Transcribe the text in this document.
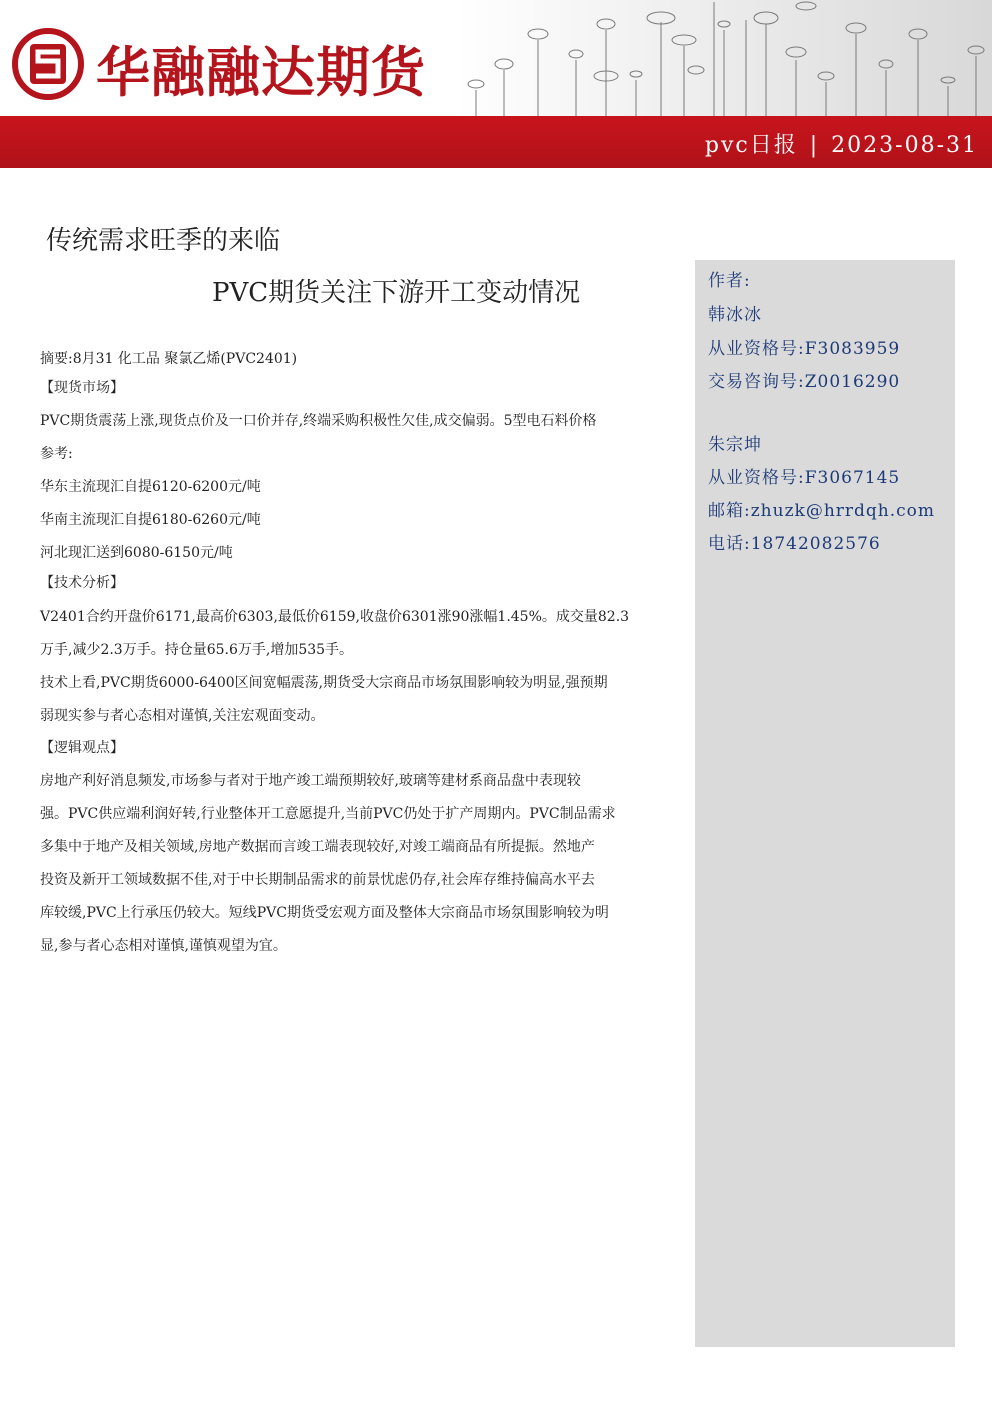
华融融达期货
pvc日报 | 2023-08-31
传统需求旺季的来临
PVC期货关注下游开工变动情况	作者:
韩冰冰
从业资格号:F3083959
交易咨询号:Z0016290
朱宗坤
从业资格号:F3067145
邮箱:zhuzk@hrrdqh.com
电话:18742082576
摘要:8月31 化工品 聚氯乙烯(PVC2401)
【现货市场】
PVC期货震荡上涨,现货点价及一口价并存,终端采购积极性欠佳,成交偏弱。5型电石料价格
参考:
华东主流现汇自提6120-6200元/吨
华南主流现汇自提6180-6260元/吨
河北现汇送到6080-6150元/吨
【技术分析】
V2401合约开盘价6171,最高价6303,最低价6159,收盘价6301涨90涨幅1.45%。成交量82.3
万手,减少2.3万手。持仓量65.6万手,增加535手。
技术上看,PVC期货6000-6400区间宽幅震荡,期货受大宗商品市场氛围影响较为明显,强预期
弱现实参与者心态相对谨慎,关注宏观面变动。
【逻辑观点】
房地产利好消息频发,市场参与者对于地产竣工端预期较好,玻璃等建材系商品盘中表现较
强。PVC供应端利润好转,行业整体开工意愿提升,当前PVC仍处于扩产周期内。PVC制品需求
多集中于地产及相关领域,房地产数据而言竣工端表现较好,对竣工端商品有所提振。然地产
投资及新开工领域数据不佳,对于中长期制品需求的前景忧虑仍存,社会库存维持偏高水平去
库较缓,PVC上行承压仍较大。短线PVC期货受宏观方面及整体大宗商品市场氛围影响较为明
显,参与者心态相对谨慎,谨慎观望为宜。
